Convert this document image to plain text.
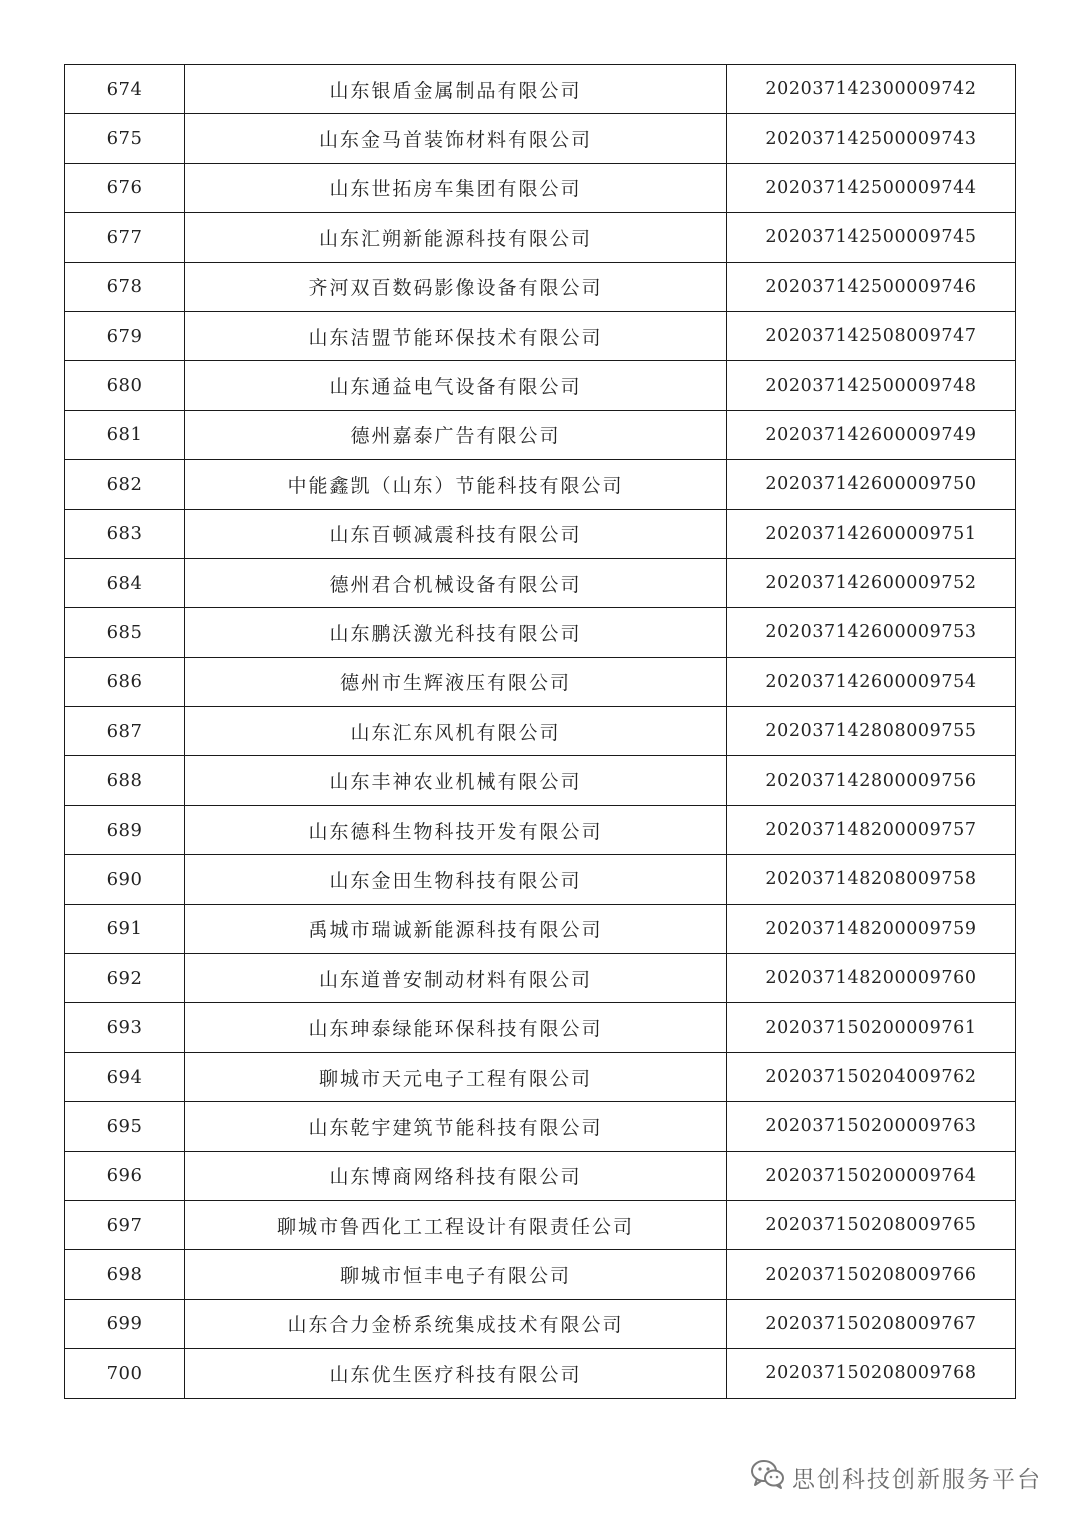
674	山东银盾金属制品有限公司	202037142300009742
675	山东金马首装饰材料有限公司	202037142500009743
676	山东世拓房车集团有限公司	202037142500009744
677	山东汇朔新能源科技有限公司	202037142500009745
678	齐河双百数码影像设备有限公司	202037142500009746
679	山东洁盟节能环保技术有限公司	202037142508009747
680	山东通益电气设备有限公司	202037142500009748
681	德州嘉泰广告有限公司	202037142600009749
682	中能鑫凯（山东）节能科技有限公司	202037142600009750
683	山东百顿减震科技有限公司	202037142600009751
684	德州君合机械设备有限公司	202037142600009752
685	山东鹏沃激光科技有限公司	202037142600009753
686	德州市生辉液压有限公司	202037142600009754
687	山东汇东风机有限公司	202037142808009755
688	山东丰神农业机械有限公司	202037142800009756
689	山东德科生物科技开发有限公司	202037148200009757
690	山东金田生物科技有限公司	202037148208009758
691	禹城市瑞诚新能源科技有限公司	202037148200009759
692	山东道普安制动材料有限公司	202037148200009760
693	山东珅泰绿能环保科技有限公司	202037150200009761
694	聊城市天元电子工程有限公司	202037150204009762
695	山东乾宇建筑节能科技有限公司	202037150200009763
696	山东博商网络科技有限公司	202037150200009764
697	聊城市鲁西化工工程设计有限责任公司	202037150208009765
698	聊城市恒丰电子有限公司	202037150208009766
699	山东合力金桥系统集成技术有限公司	202037150208009767
700	山东优生医疗科技有限公司	202037150208009768
思创科技创新服务平台
